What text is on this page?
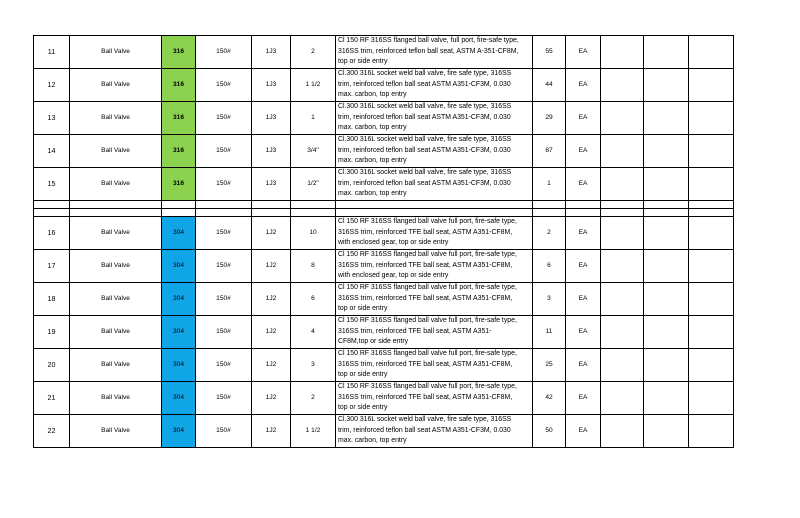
11	Ball Valve	316	150#	1J3	2	Cl 150 RF 316SS flanged ball valve, full port, fire-safe type,
316SS trim, reinforced teflon ball seat, ASTM A-351-CF8M,
top or side entry	55	EA			
12	Ball Valve	316	150#	1J3	1 1/2	Cl.300 316L socket weld ball valve, fire safe type, 316SS
trim, reinforced teflon ball seat ASTM A351-CF3M, 0.030
max. carbon, top entry	44	EA			
13	Ball Valve	316	150#	1J3	1	Cl.300 316L socket weld ball valve, fire safe type, 316SS
trim, reinforced teflon ball seat ASTM A351-CF3M, 0.030
max. carbon, top entry	29	EA			
14	Ball Valve	316	150#	1J3	3/4"	Cl.300 316L socket weld ball valve, fire safe type, 316SS
trim, reinforced teflon ball seat ASTM A351-CF3M, 0.030
max. carbon, top entry	87	EA			
15	Ball Valve	316	150#	1J3	1/2"	Cl.300 316L socket weld ball valve, fire safe type, 316SS
trim, reinforced teflon ball seat ASTM A351-CF3M, 0.030
max. carbon, top entry	1	EA			

16	Ball Valve	304	150#	1J2	10	Cl 150 RF 316SS flanged ball valve full port, fire-safe type,
316SS trim, reinforced TFE ball seat, ASTM A351-CF8M,
with enclosed gear, top or side entry	2	EA			
17	Ball Valve	304	150#	1J2	8	Cl 150 RF 316SS flanged ball valve full port, fire-safe type,
316SS trim, reinforced TFE ball seat, ASTM A351-CF8M,
with enclosed gear, top or side entry	6	EA			
18	Ball Valve	304	150#	1J2	6	Cl 150 RF 316SS flanged ball valve full port, fire-safe type,
316SS trim, reinforced TFE ball seat, ASTM A351-CF8M,
top or side entry	3	EA			
19	Ball Valve	304	150#	1J2	4	Cl 150 RF 316SS flanged ball valve full port, fire-safe type,
316SS trim, reinforced TFE ball seat, ASTM A351-
CF8M,top or side entry	11	EA			
20	Ball Valve	304	150#	1J2	3	Cl 150 RF 316SS flanged ball valve full port, fire-safe type,
316SS trim, reinforced TFE ball seat, ASTM A351-CF8M,
top or side entry	25	EA			
21	Ball Valve	304	150#	1J2	2	Cl 150 RF 316SS flanged ball valve full port, fire-safe type,
316SS trim, reinforced TFE ball seat, ASTM A351-CF8M,
top or side entry	42	EA			
22	Ball Valve	304	150#	1J2	1 1/2	Cl.300 316L socket weld ball valve, fire safe type, 316SS
trim, reinforced teflon ball seat ASTM A351-CF3M, 0.030
max. carbon, top entry	50	EA			
